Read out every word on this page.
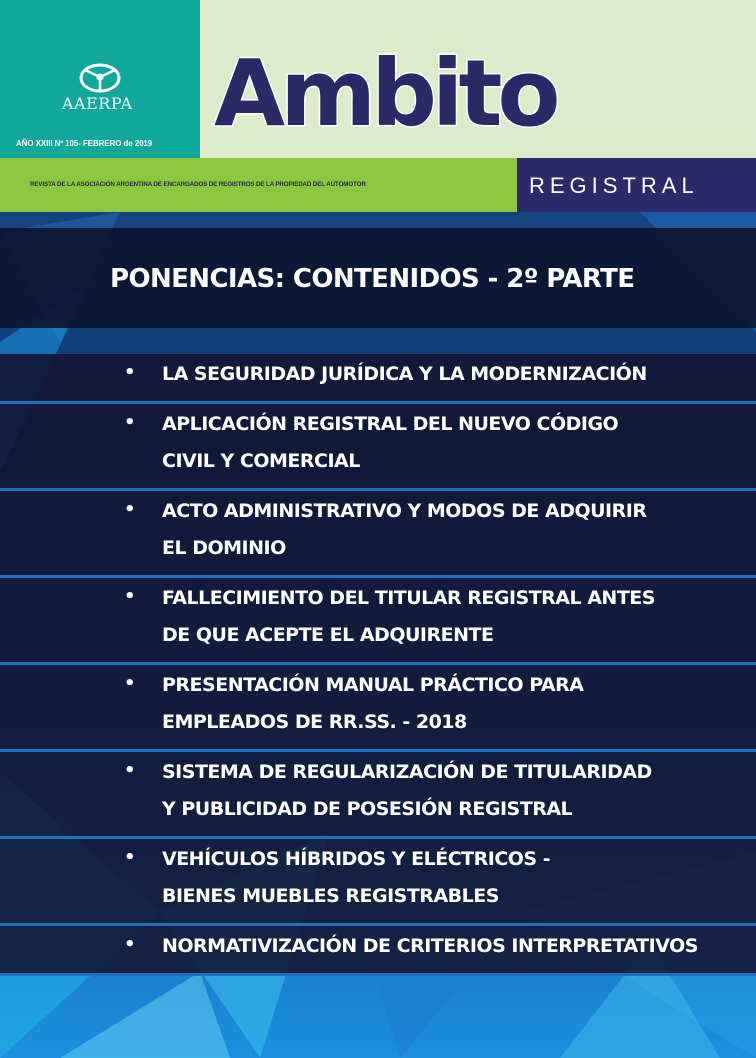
AAERPA
AÑO XXIII Nº 105- FEBRERO de 2019 Ambito
REVISTA DE LA ASOCIACIÓN ARGENTINA DE ENCARGADOS DE REGISTROS DE LA PROPIEDAD DEL AUTOMOTOR	REGISTRAL
PONENCIAS: CONTENIDOS - 2º PARTE
• LA SEGURIDAD JURÍDICA Y LA MODERNIZACIÓN
• APLICACIÓN REGISTRAL DEL NUEVO CÓDIGO
CIVIL Y COMERCIAL
• ACTO ADMINISTRATIVO Y MODOS DE ADQUIRIR
EL DOMINIO
• FALLECIMIENTO DEL TITULAR REGISTRAL ANTES
DE QUE ACEPTE EL ADQUIRENTE
• PRESENTACIÓN MANUAL PRÁCTICO PARA
EMPLEADOS DE RR.SS. - 2018
• SISTEMA DE REGULARIZACIÓN DE TITULARIDAD
Y PUBLICIDAD DE POSESIÓN REGISTRAL
• VEHÍCULOS HÍBRIDOS Y ELÉCTRICOS -
BIENES MUEBLES REGISTRABLES
• NORMATIVIZACIÓN DE CRITERIOS INTERPRETATIVOS
